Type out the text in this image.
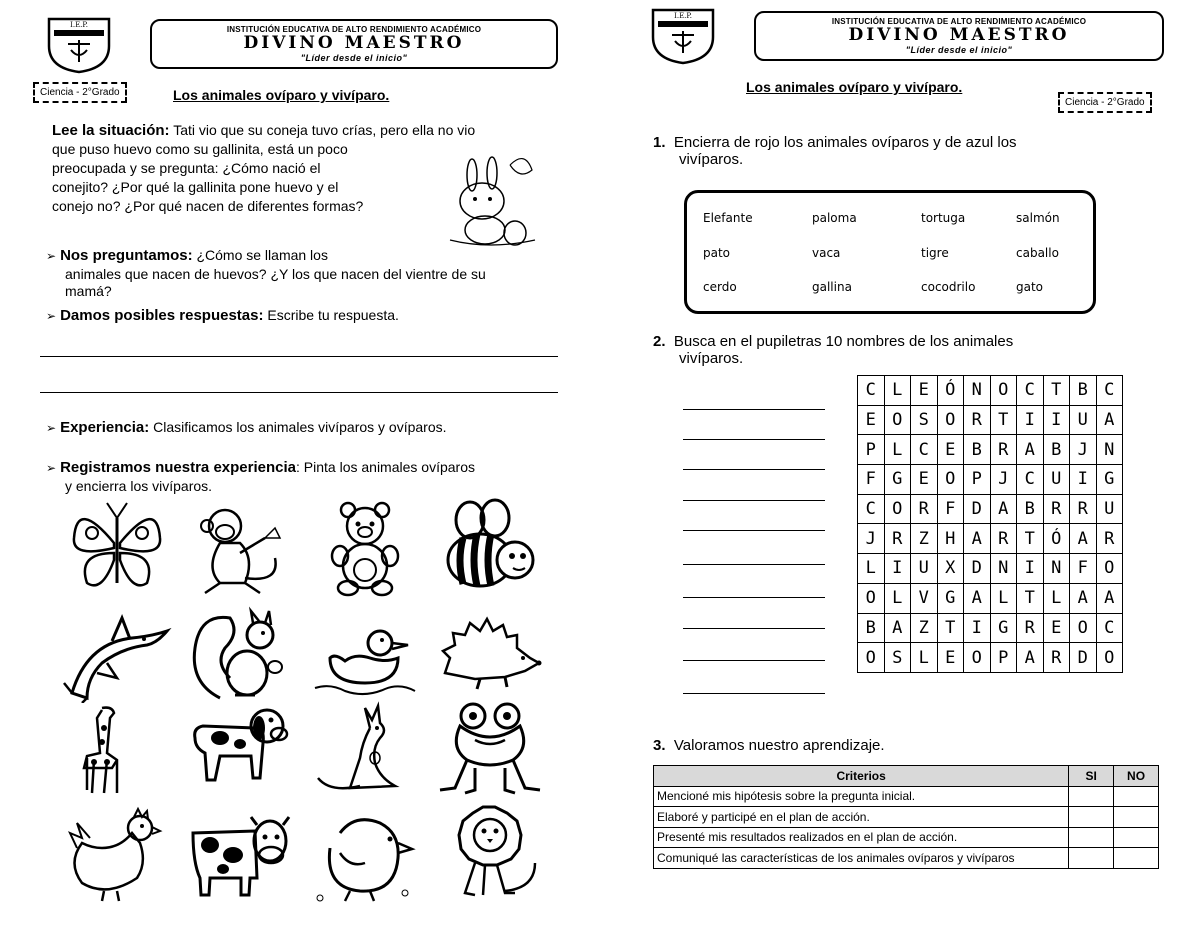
I.E.P.	INSTITUCIÓN EDUCATIVA DE ALTO RENDIMIENTO ACADÉMICO
DIVINO MAESTRO
"Líder desde el inicio"
Ciencia - 2°Grado	Los animales ovíparo y vivíparo.
Lee la situación: Tati vio que su coneja tuvo crías, pero ella no vio
que puso huevo como su gallinita, está un poco
preocupada y se pregunta: ¿Cómo nació el
conejito? ¿Por qué la gallinita pone huevo y el
conejo no? ¿Por qué nacen de diferentes formas?
➢ Nos preguntamos: ¿Cómo se llaman los
animales que nacen de huevos? ¿Y los que nacen del vientre de su
mamá?
➢ Damos posibles respuestas: Escribe tu respuesta.
➢ Experiencia: Clasificamos los animales vivíparos y ovíparos.
➢ Registramos nuestra experiencia: Pinta los animales ovíparos
y encierra los vivíparos.
I.E.P.
INSTITUCIÓN EDUCATIVA DE ALTO RENDIMIENTO ACADÉMICO
DIVINO MAESTRO
"Líder desde el inicio"
Los animales ovíparo y vivíparo.
Ciencia - 2°Grado
1. Encierra de rojo los animales ovíparos y de azul los
vivíparos.
Elefante	paloma	tortuga	salmón
pato	vaca	tigre	caballo
cerdo	gallina	cocodrilo	gato
2. Busca en el pupiletras 10 nombres de los animales
vivíparos.
C	L	E	Ó	N	O	C	T	B	C
E	O	S	O	R	T	I	I	U	A
P	L	C	E	B	R	A	B	J	N
F	G	E	O	P	J	C	U	I	G
C	O	R	F	D	A	B	R	R	U
J	R	Z	H	A	R	T	Ó	A	R
L	I	U	X	D	N	I	N	F	O
O	L	V	G	A	L	T	L	A	A
B	A	Z	T	I	G	R	E	O	C
O	S	L	E	O	P	A	R	D	O
3. Valoramos nuestro aprendizaje.
Criterios	SI	NO
Mencioné mis hipótesis sobre la pregunta inicial.		
Elaboré y participé en el plan de acción.		
Presenté mis resultados realizados en el plan de acción.		
Comuniqué las características de los animales ovíparos y vivíparos		
